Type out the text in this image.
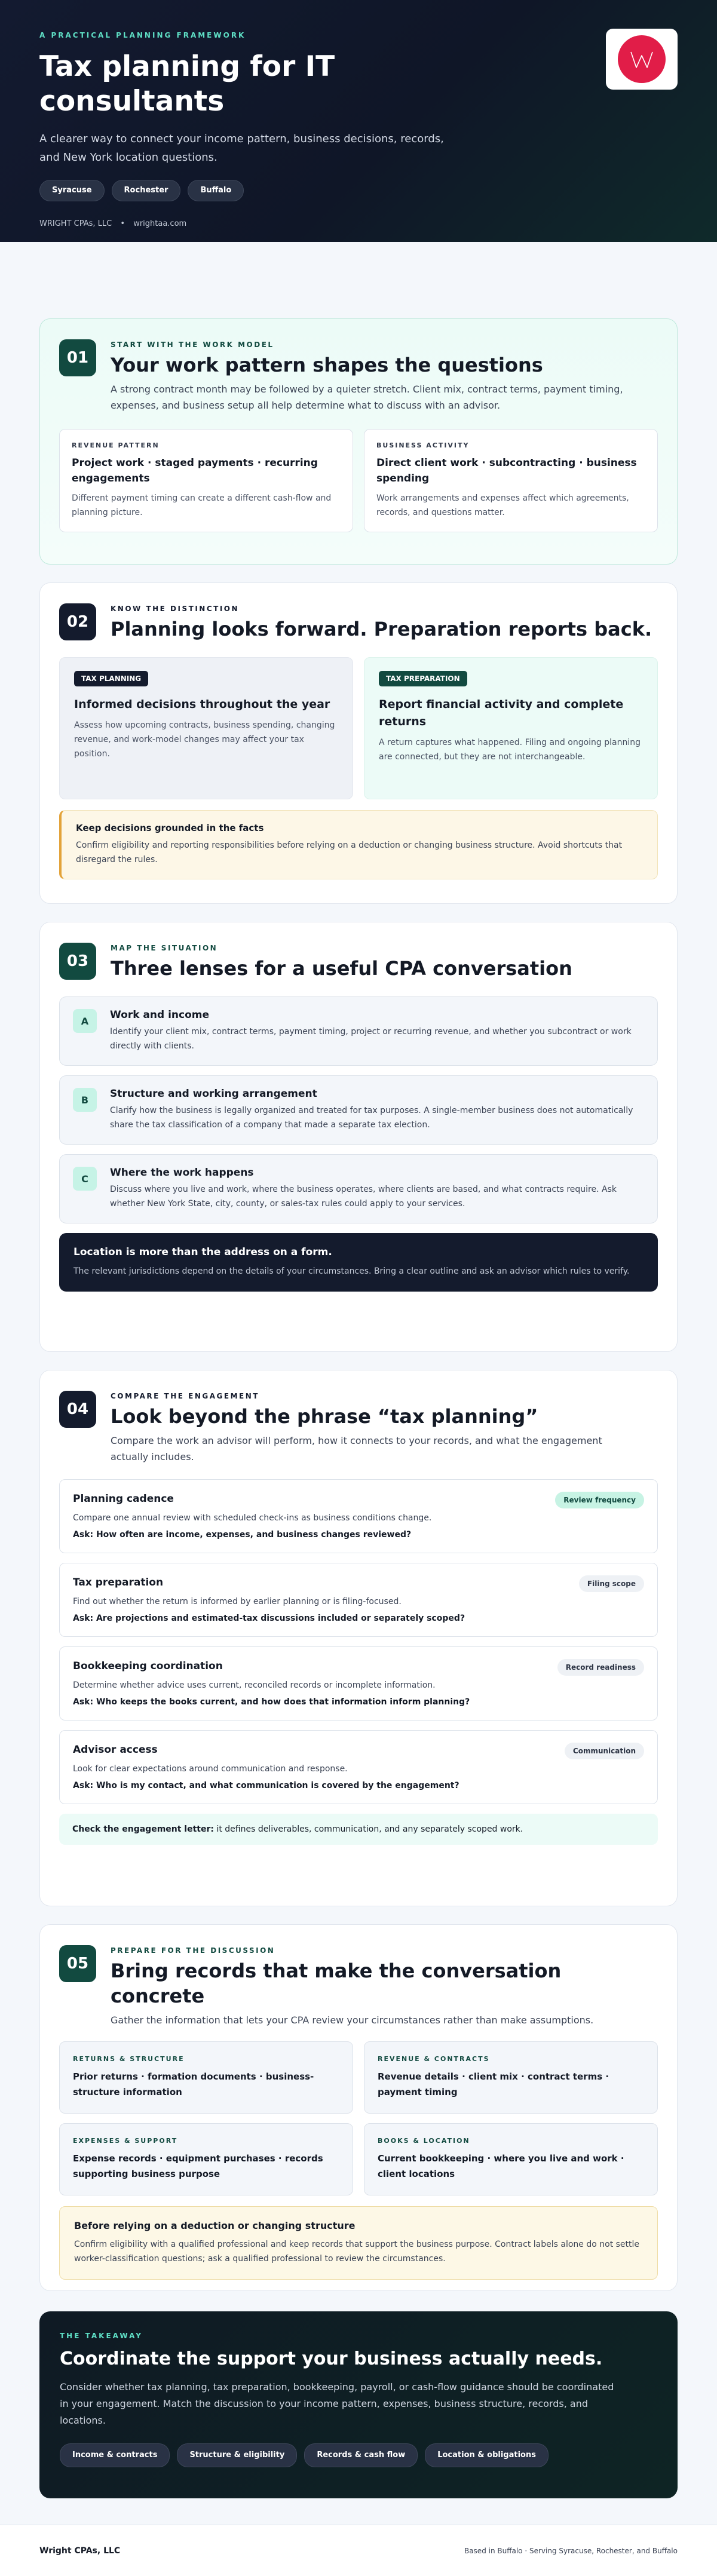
A PRACTICAL PLANNING FRAMEWORK
Tax planning for IT consultants

A clearer way to connect your income pattern, business decisions, records, and New York location questions.

Syracuse	Rochester	Buffalo
WRIGHT CPAs, LLC • wrightaa.com
01
START WITH THE WORK MODEL
Your work pattern shapes the questions
A strong contract month may be followed by a quieter stretch. Client mix, contract terms, payment timing, expenses, and business setup all help determine what to discuss with an advisor.
REVENUE PATTERN
Project work · staged payments · recurring engagements
Different payment timing can create a different cash-flow and planning picture.
BUSINESS ACTIVITY
Direct client work · subcontracting · business spending
Work arrangements and expenses affect which agreements, records, and questions matter.
02
KNOW THE DISTINCTION
Planning looks forward. Preparation reports back.
TAX PLANNING
Informed decisions throughout the year
Assess how upcoming contracts, business spending, changing revenue, and work-model changes may affect your tax position.
TAX PREPARATION
Report financial activity and complete returns
A return captures what happened. Filing and ongoing planning are connected, but they are not interchangeable.
Keep decisions grounded in the facts
Confirm eligibility and reporting responsibilities before relying on a deduction or changing business structure. Avoid shortcuts that disregard the rules.
03
MAP THE SITUATION
Three lenses for a useful CPA conversation
A	Work and income
Identify your client mix, contract terms, payment timing, project or recurring revenue, and whether you subcontract or work directly with clients.
B	Structure and working arrangement
Clarify how the business is legally organized and treated for tax purposes. A single-member business does not automatically share the tax classification of a company that made a separate tax election.
C	Where the work happens
Discuss where you live and work, where the business operates, where clients are based, and what contracts require. Ask whether New York State, city, county, or sales-tax rules could apply to your services.
Location is more than the address on a form.
The relevant jurisdictions depend on the details of your circumstances. Bring a clear outline and ask an advisor which rules to verify.
04
COMPARE THE ENGAGEMENT
Look beyond the phrase “tax planning”
Compare the work an advisor will perform, how it connects to your records, and what the engagement actually includes.
Planning cadence	Review frequency
Compare one annual review with scheduled check-ins as business conditions change.
Ask: How often are income, expenses, and business changes reviewed?
Tax preparation	Filing scope
Find out whether the return is informed by earlier planning or is filing-focused.
Ask: Are projections and estimated-tax discussions included or separately scoped?
Bookkeeping coordination	Record readiness
Determine whether advice uses current, reconciled records or incomplete information.
Ask: Who keeps the books current, and how does that information inform planning?
Advisor access	Communication
Look for clear expectations around communication and response.
Ask: Who is my contact, and what communication is covered by the engagement?
Check the engagement letter: it defines deliverables, communication, and any separately scoped work.
05
PREPARE FOR THE DISCUSSION
Bring records that make the conversation concrete
Gather the information that lets your CPA review your circumstances rather than make assumptions.
RETURNS & STRUCTURE
Prior returns · formation documents · business-structure information
REVENUE & CONTRACTS
Revenue details · client mix · contract terms · payment timing
EXPENSES & SUPPORT
Expense records · equipment purchases · records supporting business purpose
BOOKS & LOCATION
Current bookkeeping · where you live and work · client locations
Before relying on a deduction or changing structure
Confirm eligibility with a qualified professional and keep records that support the business purpose. Contract labels alone do not settle worker-classification questions; ask a qualified professional to review the circumstances.
THE TAKEAWAY
Coordinate the support your business actually needs.
Consider whether tax planning, tax preparation, bookkeeping, payroll, or cash-flow guidance should be coordinated in your engagement. Match the discussion to your income pattern, expenses, business structure, records, and locations.
Income & contracts	Structure & eligibility	Records & cash flow	Location & obligations
Wright CPAs, LLC	Based in Buffalo · Serving Syracuse, Rochester, and Buffalo
